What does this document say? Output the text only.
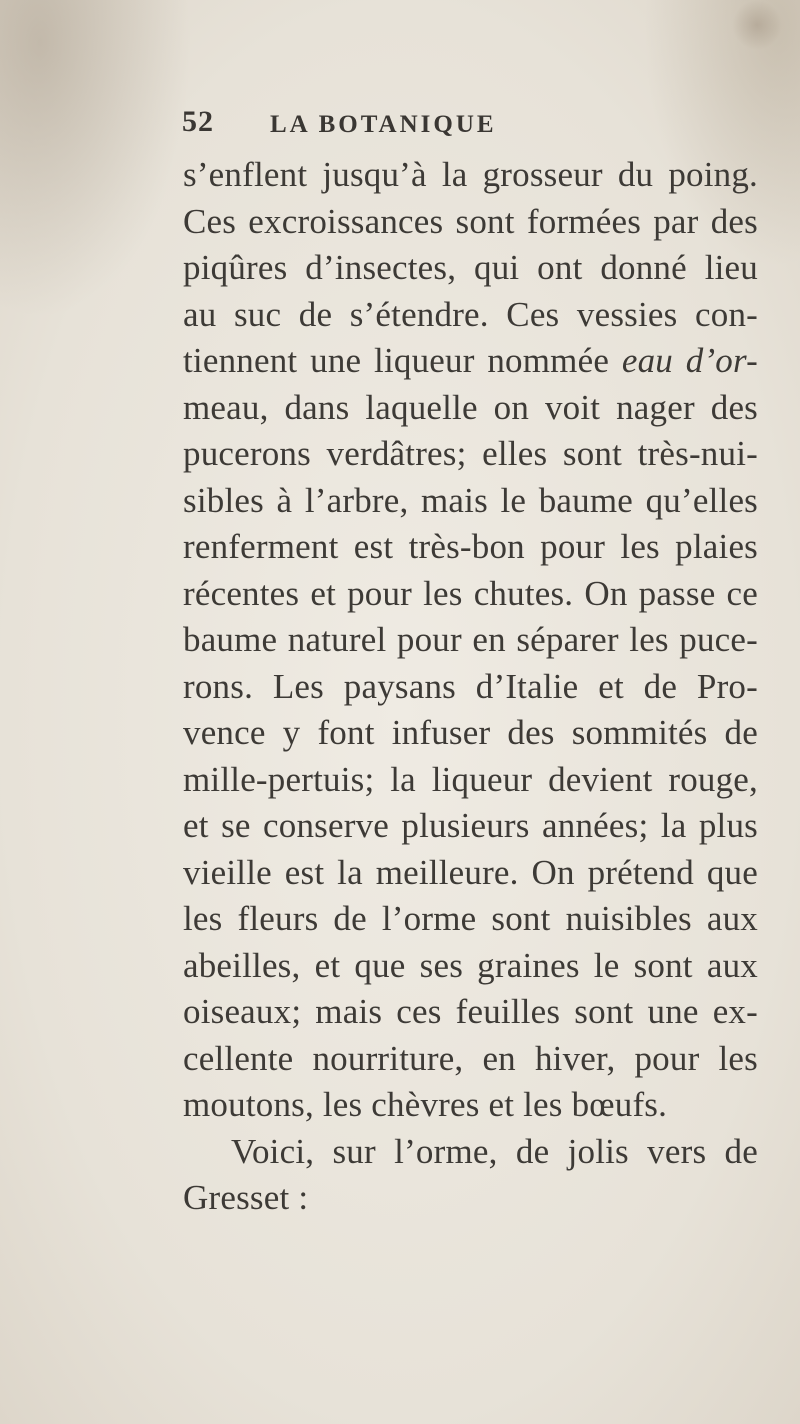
52 LA BOTANIQUE
s’enflent jusqu’à la grosseur du poing.
Ces excroissances sont formées par des
piqûres d’insectes, qui ont donné lieu
au suc de s’étendre. Ces vessies con-
tiennent une liqueur nommée eau d’or-
meau, dans laquelle on voit nager des
pucerons verdâtres; elles sont très-nui-
sibles à l’arbre, mais le baume qu’elles
renferment est très-bon pour les plaies
récentes et pour les chutes. On passe ce
baume naturel pour en séparer les puce-
rons. Les paysans d’Italie et de Pro-
vence y font infuser des sommités de
mille-pertuis; la liqueur devient rouge,
et se conserve plusieurs années; la plus
vieille est la meilleure. On prétend que
les fleurs de l’orme sont nuisibles aux
abeilles, et que ses graines le sont aux
oiseaux; mais ces feuilles sont une ex-
cellente nourriture, en hiver, pour les
moutons, les chèvres et les bœufs.
Voici, sur l’orme, de jolis vers de
Gresset :
